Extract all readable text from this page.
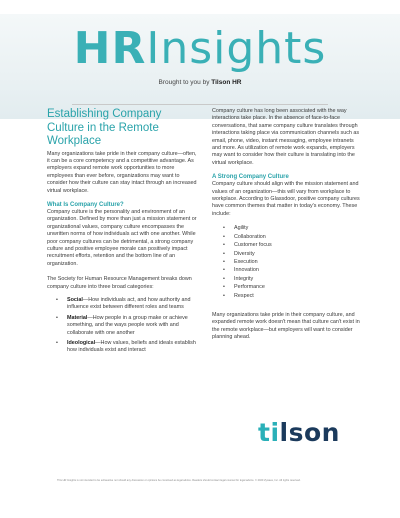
HRInsights
Brought to you by Tilson HR
Establishing Company Culture in the Remote Workplace

Many organizations take pride in their company culture—often, it can be a core competency and a competitive advantage. As employers expand remote work opportunities to more employees than ever before, organizations may want to consider how their culture can stay intact through an increased virtual workplace.

What Is Company Culture?

Company culture is the personality and environment of an organization. Defined by more than just a mission statement or organizational values, company culture encompasses the unwritten norms of how individuals act with one another. While poor company cultures can be detrimental, a strong company culture and positive employee morale can positively impact recruitment efforts, retention and the bottom line of an organization.

The Society for Human Resource Management breaks down company culture into three broad categories:

• Social—How individuals act, and how authority and influence exist between different roles and teams
• Material—How people in a group make or achieve something, and the ways people work with and collaborate with one another
• Ideological—How values, beliefs and ideals establish how individuals exist and interact

Company culture has long been associated with the way interactions take place. In the absence of face-to-face conversations, that same company culture translates through interactions taking place via communication channels such as email, phone, video, instant messaging, employee intranets and more. As utilization of remote work expands, employers may want to consider how their culture is translating into the virtual workplace.

A Strong Company Culture

Company culture should align with the mission statement and values of an organization—this will vary from workplace to workplace. According to Glassdoor, positive company cultures have common themes that matter in today's economy. These include:

• Agility
• Collaboration
• Customer focus
• Diversity
• Execution
• Innovation
• Integrity
• Performance
• Respect

Many organizations take pride in their company culture, and expanded remote work doesn't mean that culture can't exist in the remote workplace—but employers will want to consider planning ahead.

tilson
This HR Insights is not intended to be exhaustive nor should any discussion or opinions be construed as legal advice. Readers should contact legal counsel for legal advice. © 2020 Zywave, Inc. All rights reserved.
